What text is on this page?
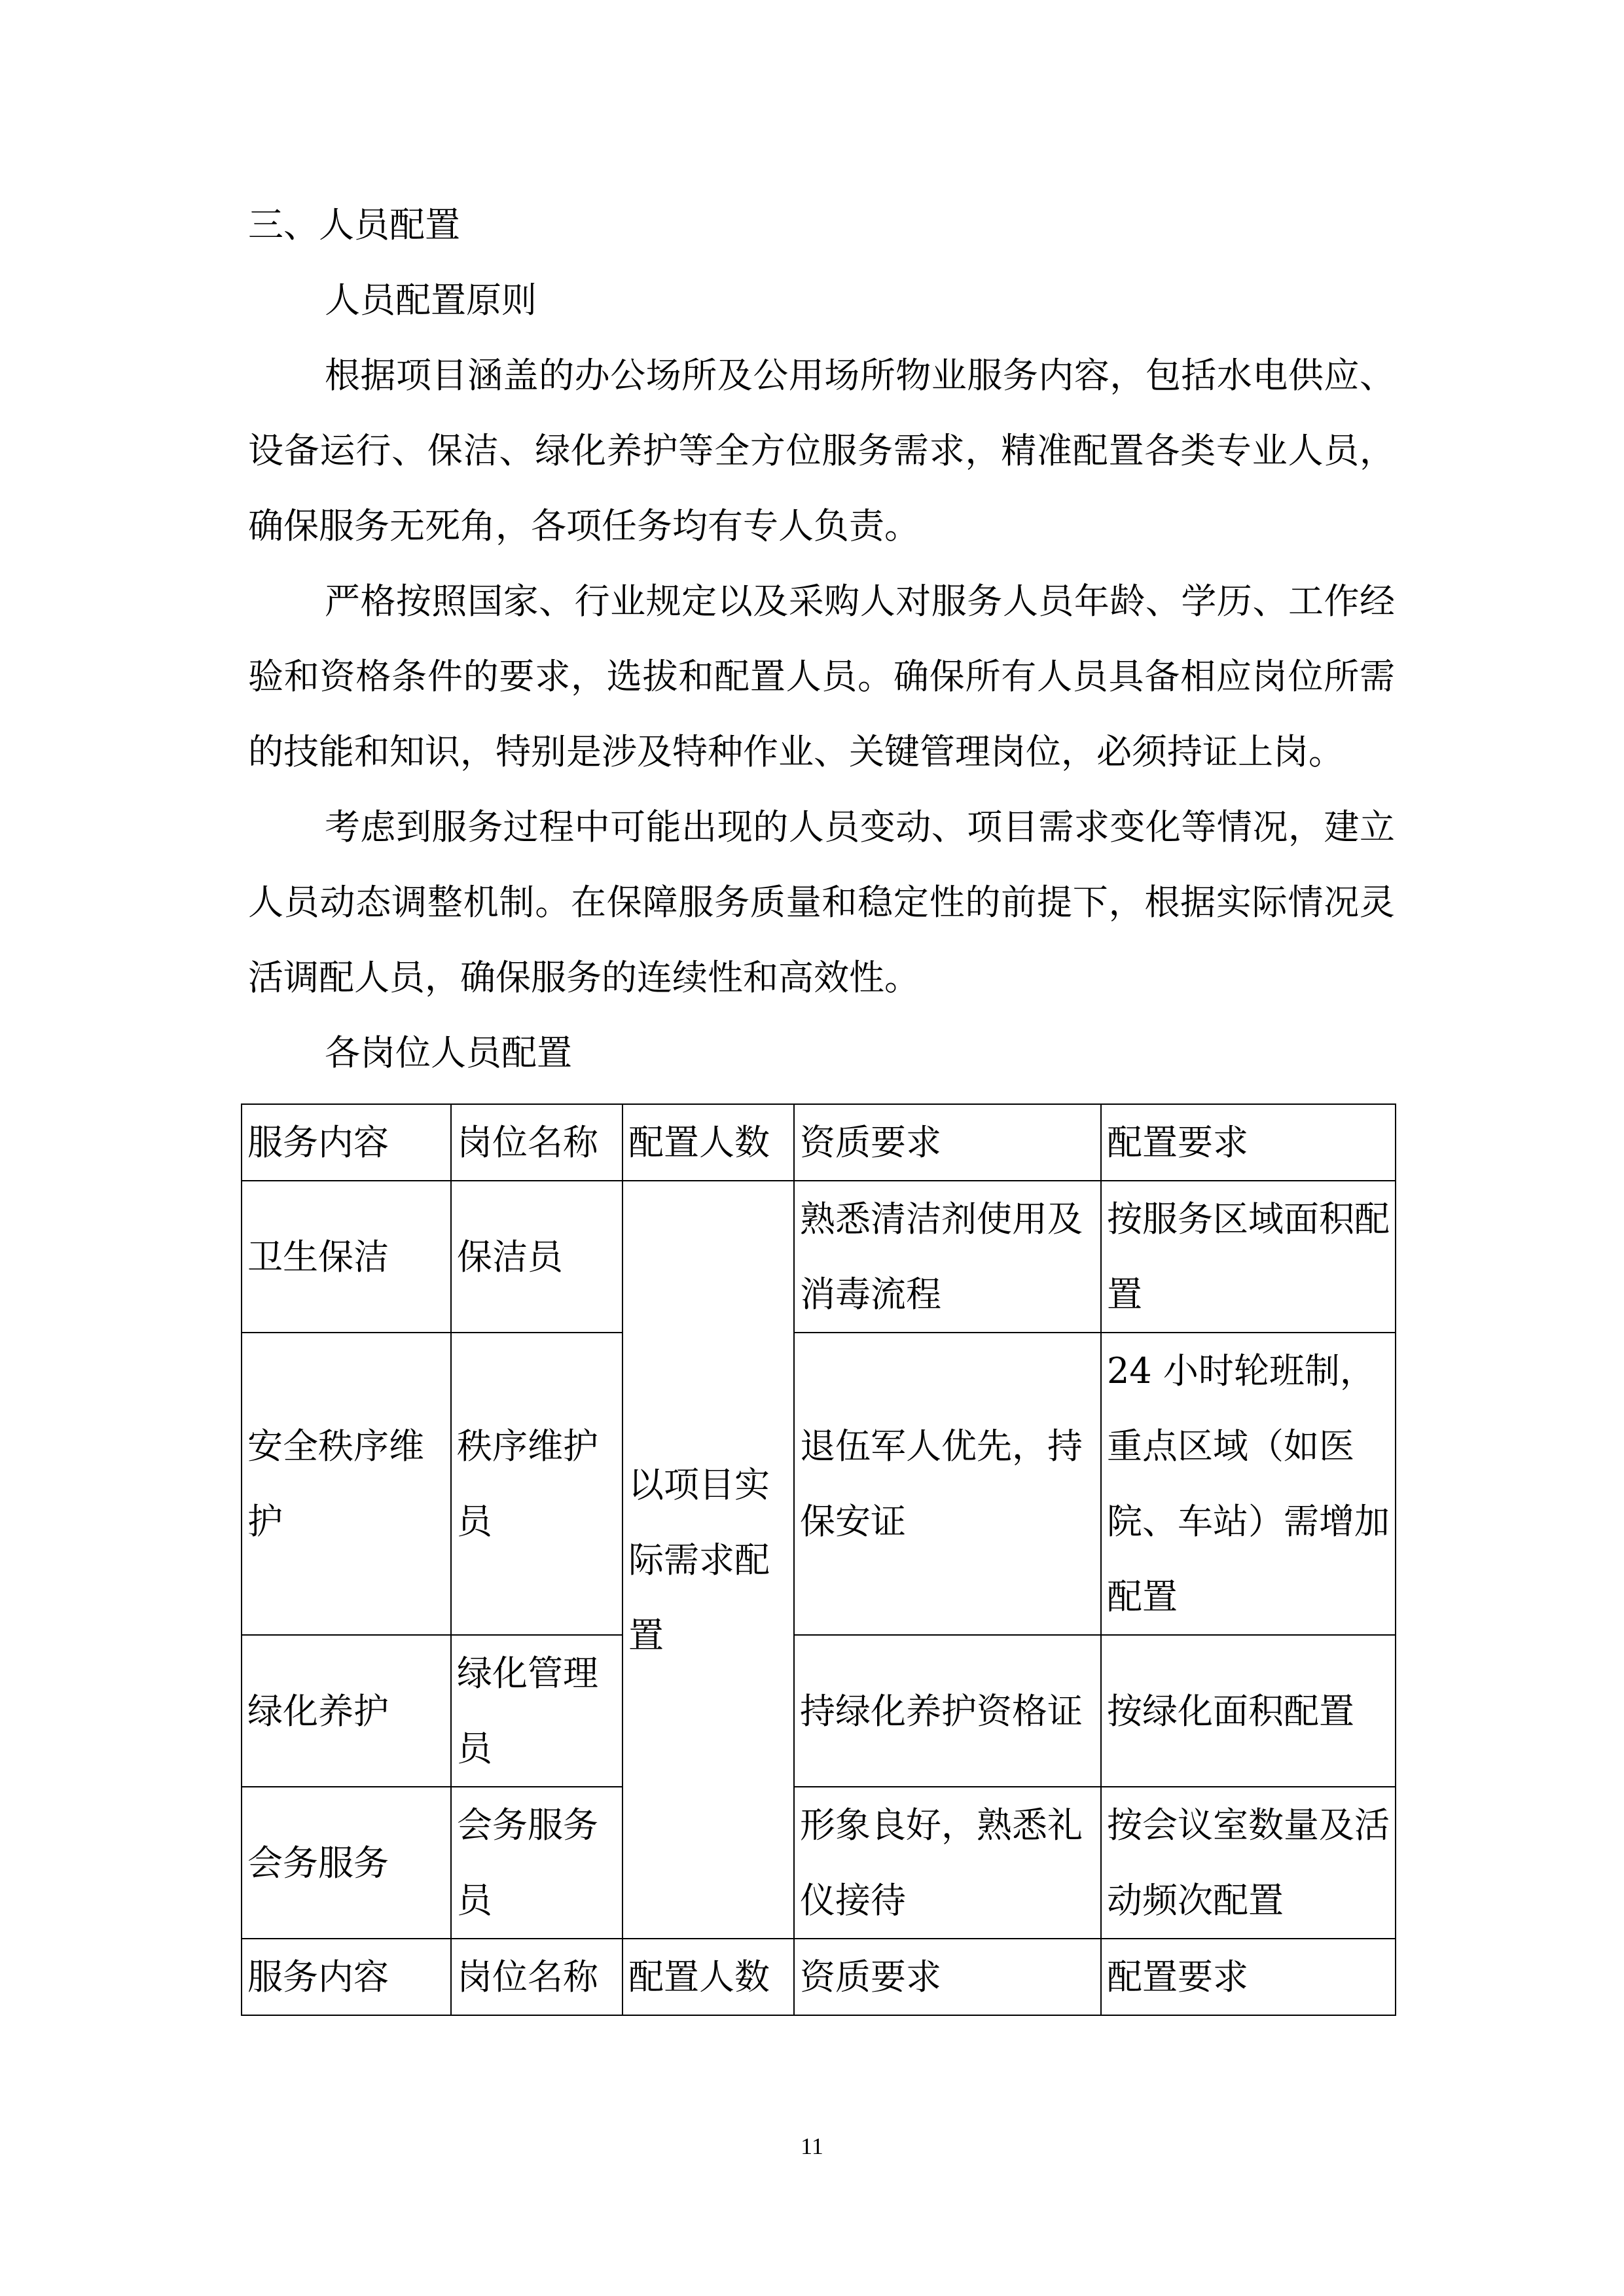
三、人员配置

人员配置原则

根据项目涵盖的办公场所及公用场所物业服务内容，包括水电供应、设备运行、保洁、绿化养护等全方位服务需求，精准配置各类专业人员，确保服务无死角，各项任务均有专人负责。

严格按照国家、行业规定以及采购人对服务人员年龄、学历、工作经验和资格条件的要求，选拔和配置人员。确保所有人员具备相应岗位所需的技能和知识，特别是涉及特种作业、关键管理岗位，必须持证上岗。

考虑到服务过程中可能出现的人员变动、项目需求变化等情况，建立人员动态调整机制。在保障服务质量和稳定性的前提下，根据实际情况灵活调配人员，确保服务的连续性和高效性。

各岗位人员配置

服务内容	岗位名称	配置人数	资质要求	配置要求
卫生保洁	保洁员	以项目实际需求配置	熟悉清洁剂使用及消毒流程	按服务区域面积配置
安全秩序维护	秩序维护员		退伍军人优先，持保安证	24 小时轮班制，重点区域（如医院、车站）需增加配置
绿化养护	绿化管理员		持绿化养护资格证	按绿化面积配置
会务服务	会务服务员		形象良好，熟悉礼仪接待	按会议室数量及活动频次配置
服务内容	岗位名称	配置人数	资质要求	配置要求
11
